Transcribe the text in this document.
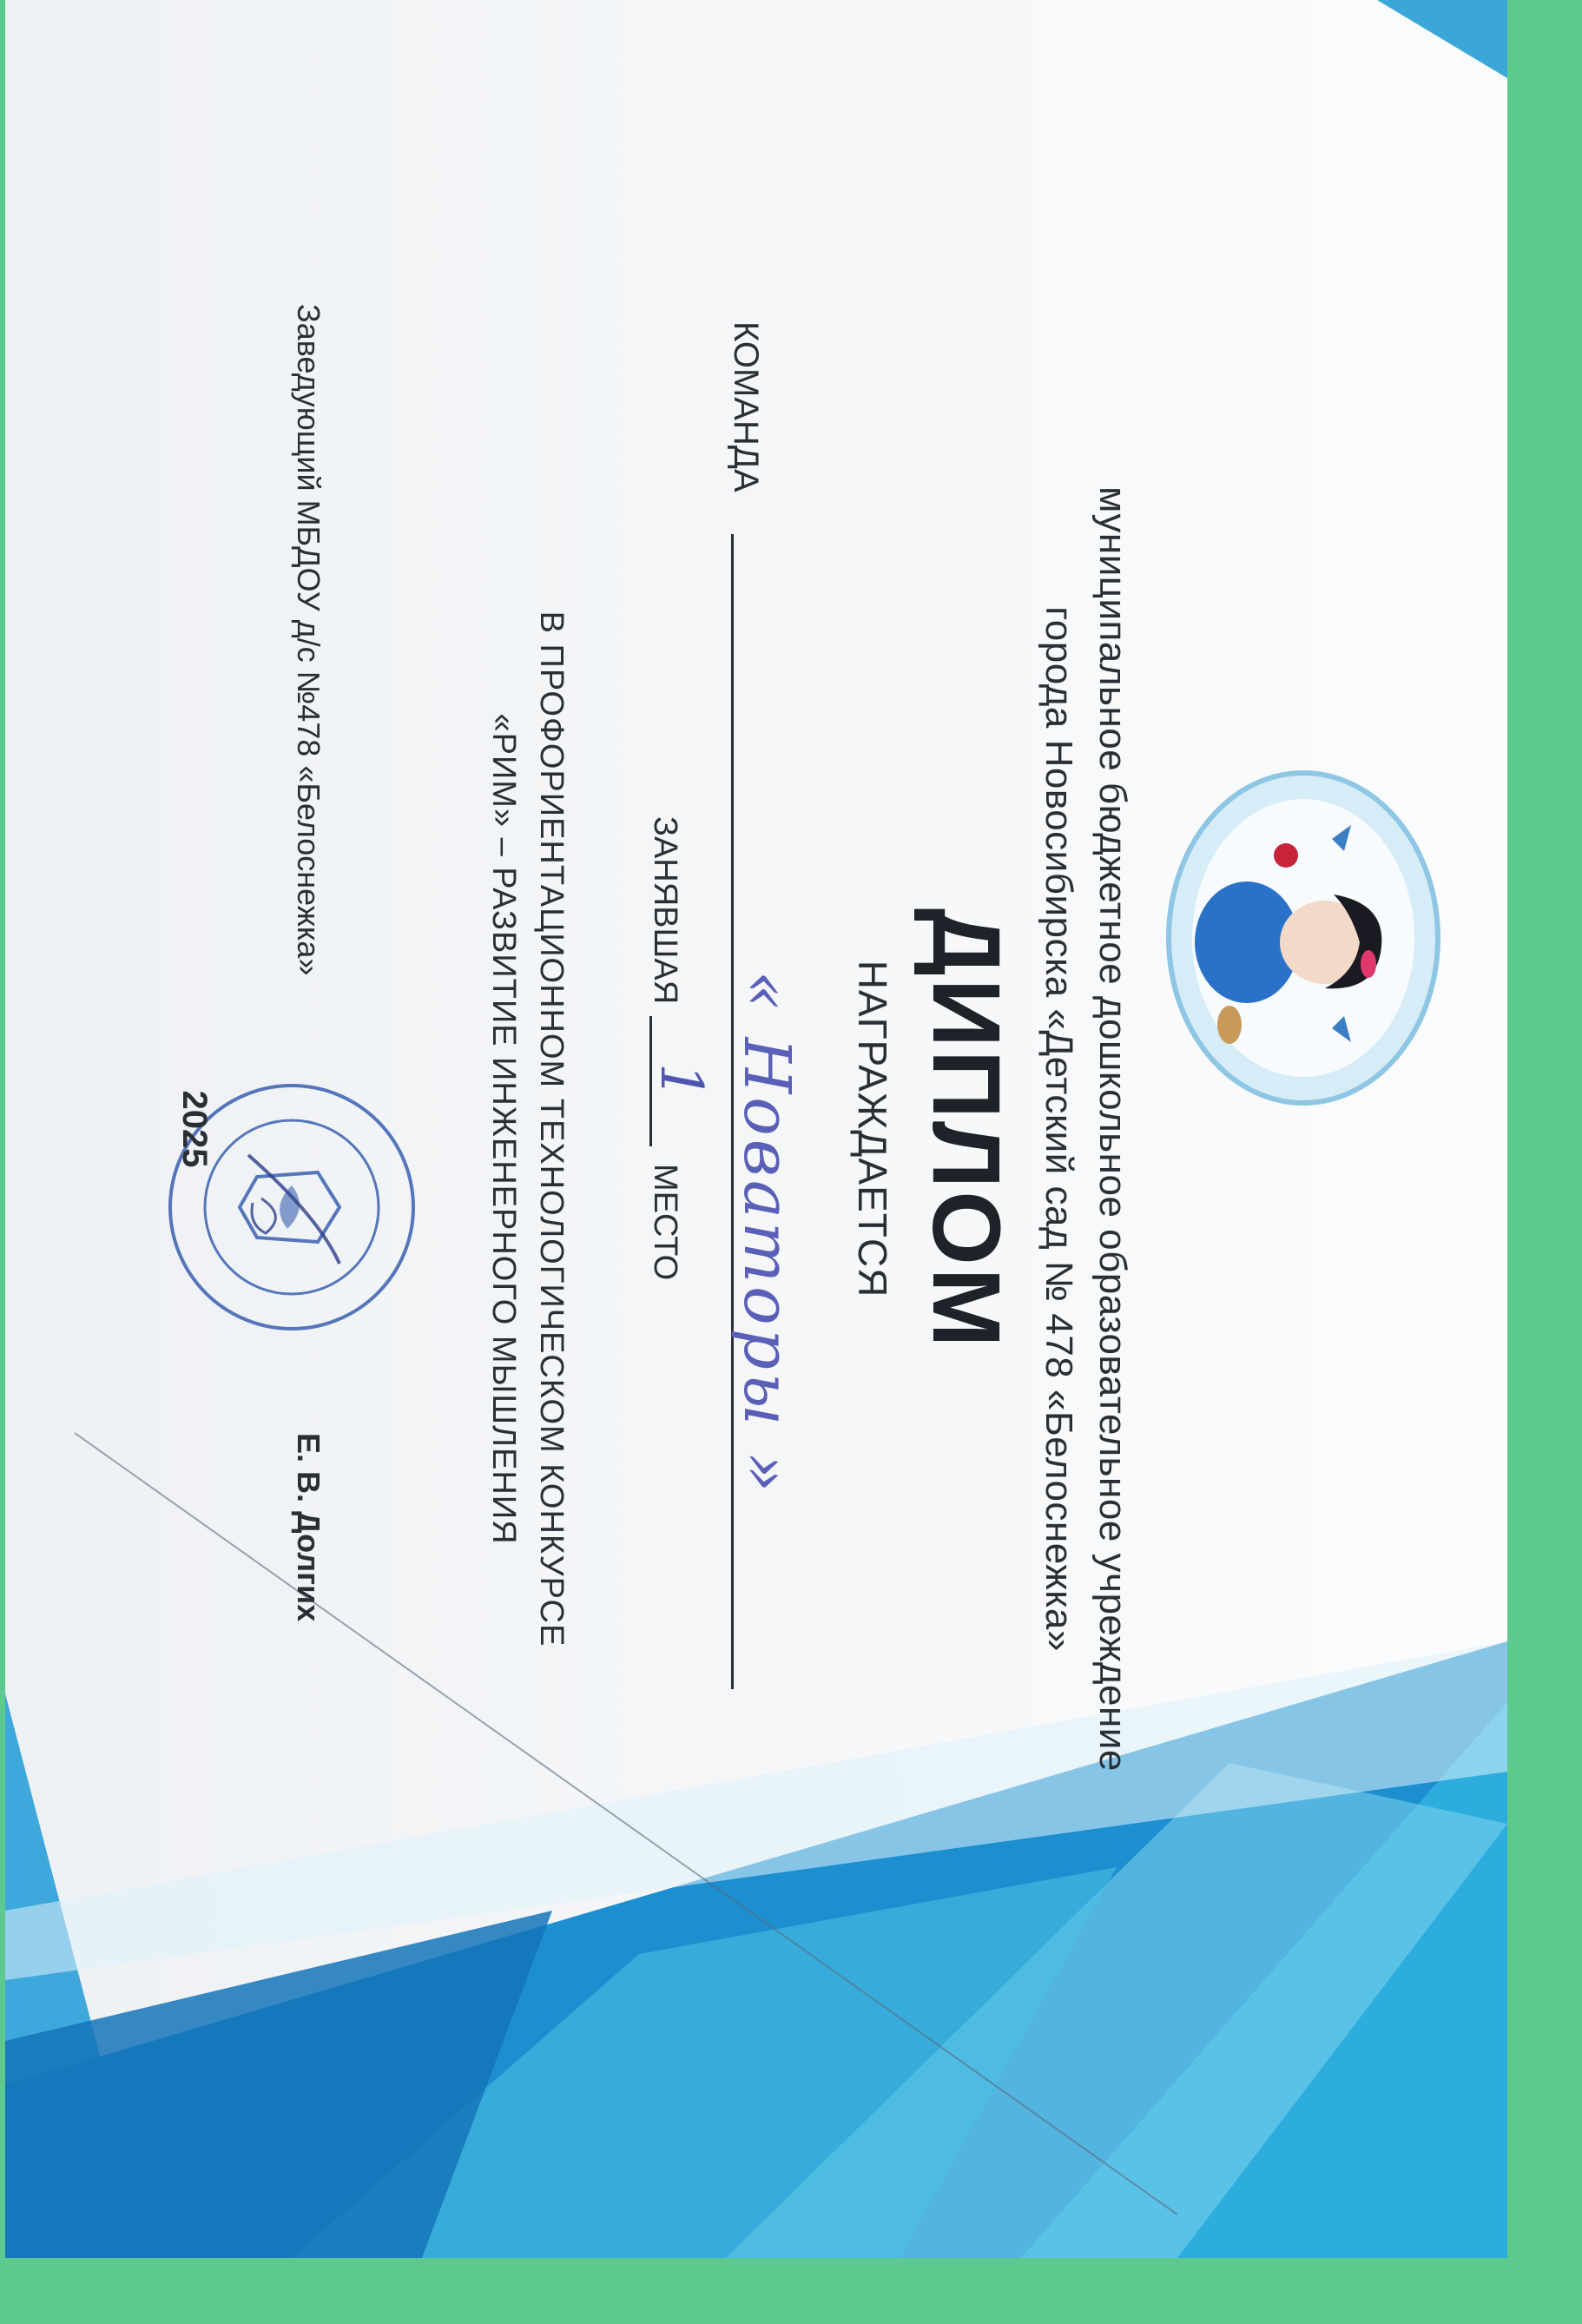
муниципальное бюджетное дошкольное образовательное учреждение
города Новосибирска «Детский сад № 478 «Белоснежка»
ДИПЛОМ
НАГРАЖДАЕТСЯ
КОМАНДА
« Новаторы »
ЗАНЯВШАЯ
1
МЕСТО
В ПРОФОРИЕНТАЦИОННОМ ТЕХНОЛОГИЧЕСКОМ КОНКУРСЕ
«РИМ» – РАЗВИТИЕ ИНЖЕНЕРНОГО МЫШЛЕНИЯ
Заведующий МБДОУ д/с №478 «Белоснежка»
Е. В. Долгих
2025
